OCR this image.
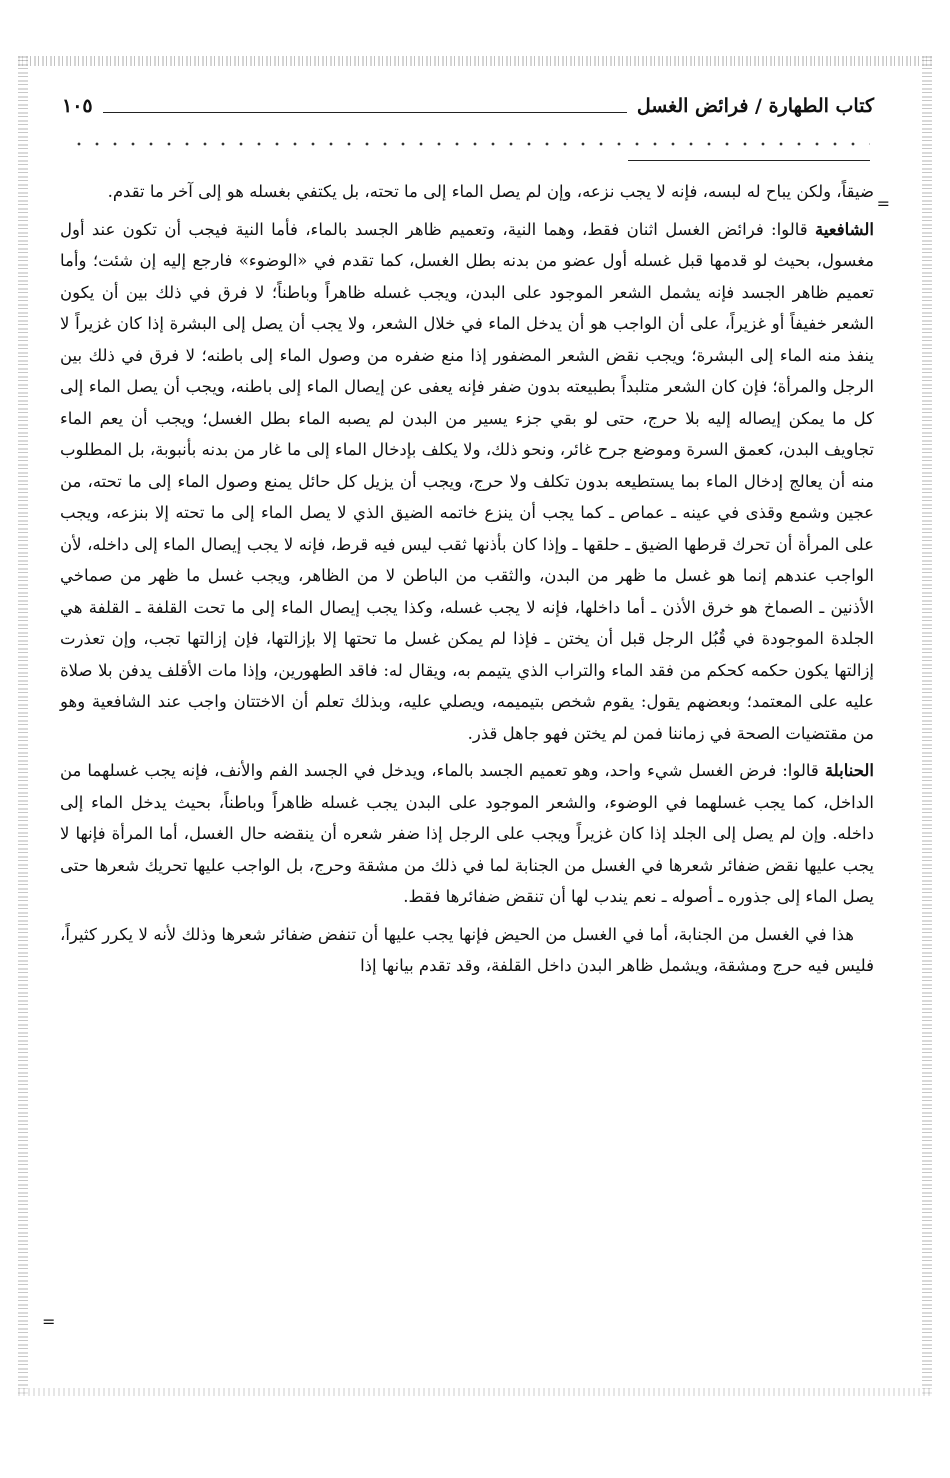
كتاب الطهارة / فرائض الغسل
١٠٥
=

ضيقاً، ولكن يباح له لبسه، فإنه لا يجب نزعه، وإن لم يصل الماء إلى ما تحته، بل يكتفي بغسله هو إلى آخر ما تقدم.

الشافعية قالوا: فرائض الغسل اثنان فقط، وهما النية، وتعميم ظاهر الجسد بالماء، فأما النية فيجب أن تكون عند أول مغسول، بحيث لو قدمها قبل غسله أول عضو من بدنه بطل الغسل، كما تقدم في «الوضوء» فارجع إليه إن شئت؛ وأما تعميم ظاهر الجسد فإنه يشمل الشعر الموجود على البدن، ويجب غسله ظاهراً وباطناً؛ لا فرق في ذلك بين أن يكون الشعر خفيفاً أو غزيراً، على أن الواجب هو أن يدخل الماء في خلال الشعر، ولا يجب أن يصل إلى البشرة إذا كان غزيراً لا ينفذ منه الماء إلى البشرة؛ ويجب نقض الشعر المضفور إذا منع ضفره من وصول الماء إلى باطنه؛ لا فرق في ذلك بين الرجل والمرأة؛ فإن كان الشعر متلبداً بطبيعته بدون ضفر فإنه يعفى عن إيصال الماء إلى باطنه، ويجب أن يصل الماء إلى كل ما يمكن إيصاله إليه بلا حرج، حتى لو بقي جزء يسير من البدن لم يصبه الماء بطل الغسل؛ ويجب أن يعم الماء تجاويف البدن، كعمق السرة وموضع جرح غائر، ونحو ذلك، ولا يكلف بإدخال الماء إلى ما غار من بدنه بأنبوبة، بل المطلوب منه أن يعالج إدخال الماء بما يستطيعه بدون تكلف ولا حرج، ويجب أن يزيل كل حائل يمنع وصول الماء إلى ما تحته، من عجين وشمع وقذى في عينه ـ عماص ـ كما يجب أن ينزع خاتمه الضيق الذي لا يصل الماء إلى ما تحته إلا بنزعه، ويجب على المرأة أن تحرك قرطها الضيق ـ حلقها ـ وإذا كان بأذنها ثقب ليس فيه قرط، فإنه لا يجب إيصال الماء إلى داخله، لأن الواجب عندهم إنما هو غسل ما ظهر من البدن، والثقب من الباطن لا من الظاهر، ويجب غسل ما ظهر من صماخي الأذنين ـ الصماخ هو خرق الأذن ـ أما داخلها، فإنه لا يجب غسله، وكذا يجب إيصال الماء إلى ما تحت القلفة ـ القلفة هي الجلدة الموجودة في قُبُل الرجل قبل أن يختن ـ فإذا لم يمكن غسل ما تحتها إلا بإزالتها، فإن إزالتها تجب، وإن تعذرت إزالتها يكون حكمه كحكم من فقد الماء والتراب الذي يتيمم به، ويقال له: فاقد الطهورين، وإذا مات الأقلف يدفن بلا صلاة عليه على المعتمد؛ وبعضهم يقول: يقوم شخص بتيميمه، ويصلي عليه، وبذلك تعلم أن الاختتان واجب عند الشافعية وهو من مقتضيات الصحة في زماننا فمن لم يختن فهو جاهل قذر.

الحنابلة قالوا: فرض الغسل شيء واحد، وهو تعميم الجسد بالماء، ويدخل في الجسد الفم والأنف، فإنه يجب غسلهما من الداخل، كما يجب غسلهما في الوضوء، والشعر الموجود على البدن يجب غسله ظاهراً وباطناً، بحيث يدخل الماء إلى داخله. وإن لم يصل إلى الجلد إذا كان غزيراً ويجب على الرجل إذا ضفر شعره أن ينقضه حال الغسل، أما المرأة فإنها لا يجب عليها نقض ضفائر شعرها في الغسل من الجنابة لما في ذلك من مشقة وحرج، بل الواجب عليها تحريك شعرها حتى يصل الماء إلى جذوره ـ أصوله ـ نعم يندب لها أن تنقض ضفائرها فقط.

هذا في الغسل من الجنابة، أما في الغسل من الحيض فإنها يجب عليها أن تنفض ضفائر شعرها وذلك لأنه لا يكرر كثيراً، فليس فيه حرج ومشقة، ويشمل ظاهر البدن داخل القلفة، وقد تقدم بيانها إذا

=
